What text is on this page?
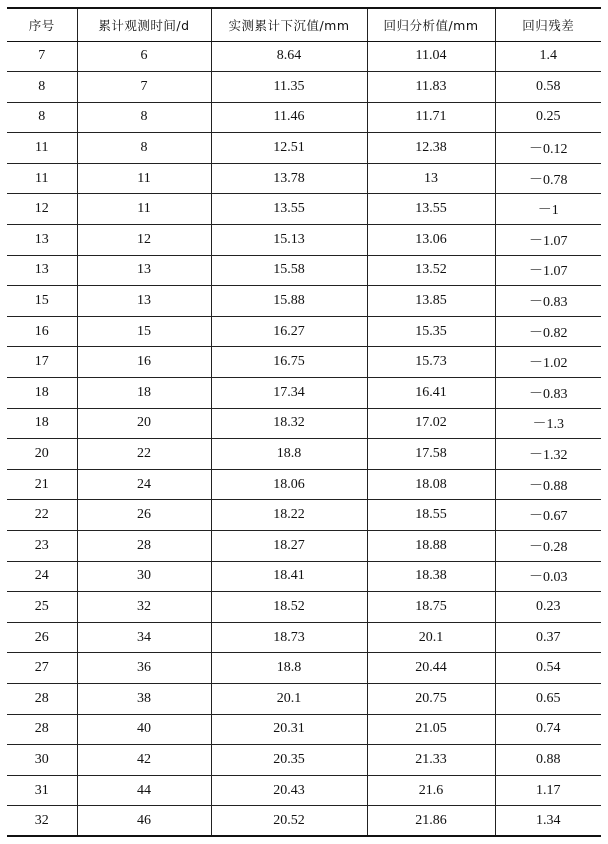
序号	累计观测时间/d	实测累计下沉值/mm	回归分析值/mm	回归残差
7	6	8.64	11.04	1.4
8	7	11.35	11.83	0.58
8	8	11.46	11.71	0.25
11	8	12.51	12.38	－0.12
11	11	13.78	13	－0.78
12	11	13.55	13.55	－1
13	12	15.13	13.06	－1.07
13	13	15.58	13.52	－1.07
15	13	15.88	13.85	－0.83
16	15	16.27	15.35	－0.82
17	16	16.75	15.73	－1.02
18	18	17.34	16.41	－0.83
18	20	18.32	17.02	－1.3
20	22	18.8	17.58	－1.32
21	24	18.06	18.08	－0.88
22	26	18.22	18.55	－0.67
23	28	18.27	18.88	－0.28
24	30	18.41	18.38	－0.03
25	32	18.52	18.75	0.23
26	34	18.73	20.1	0.37
27	36	18.8	20.44	0.54
28	38	20.1	20.75	0.65
28	40	20.31	21.05	0.74
30	42	20.35	21.33	0.88
31	44	20.43	21.6	1.17
32	46	20.52	21.86	1.34
